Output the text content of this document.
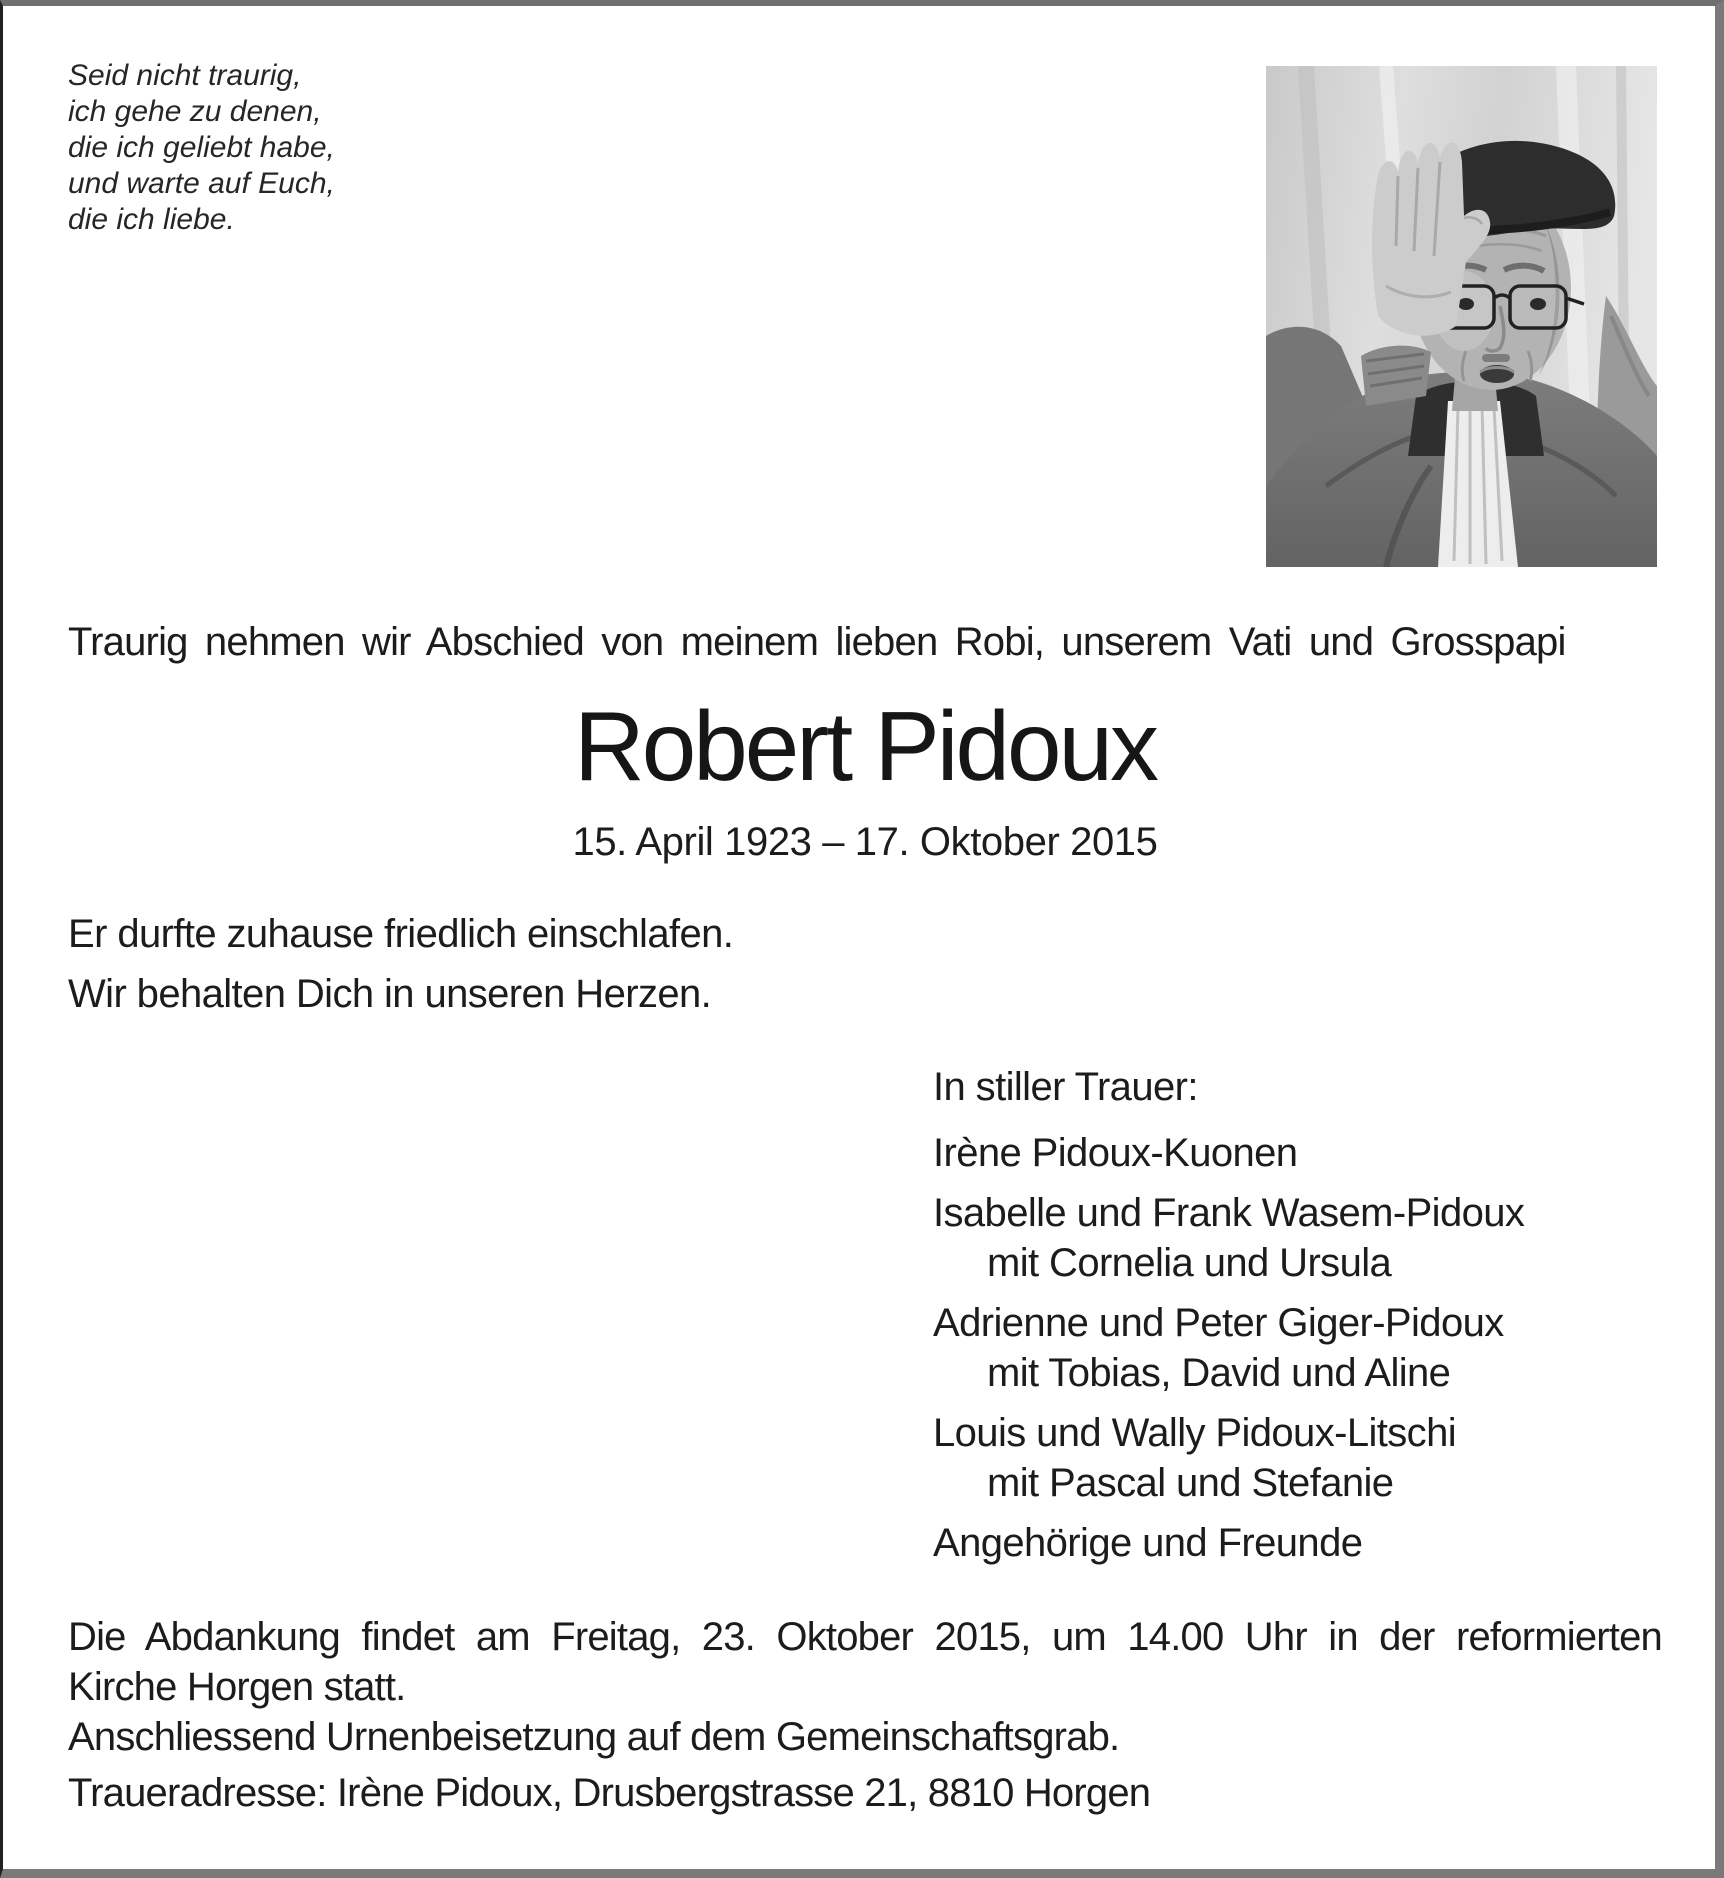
Seid nicht traurig,
ich gehe zu denen,
die ich geliebt habe,
und warte auf Euch,
die ich liebe.
Traurig nehmen wir Abschied von meinem lieben Robi, unserem Vati und Grosspapi
Robert Pidoux
15. April 1923 – 17. Oktober 2015
Er durfte zuhause friedlich einschlafen.
Wir behalten Dich in unseren Herzen.
In stiller Trauer:
Irène Pidoux-Kuonen
Isabelle und Frank Wasem-Pidoux
mit Cornelia und Ursula
Adrienne und Peter Giger-Pidoux
mit Tobias, David und Aline
Louis und Wally Pidoux-Litschi
mit Pascal und Stefanie
Angehörige und Freunde
Die Abdankung findet am Freitag, 23. Oktober 2015, um 14.00 Uhr in der reformierten
Kirche Horgen statt.
Anschliessend Urnenbeisetzung auf dem Gemeinschaftsgrab.
Traueradresse: Irène Pidoux, Drusbergstrasse 21, 8810 Horgen
